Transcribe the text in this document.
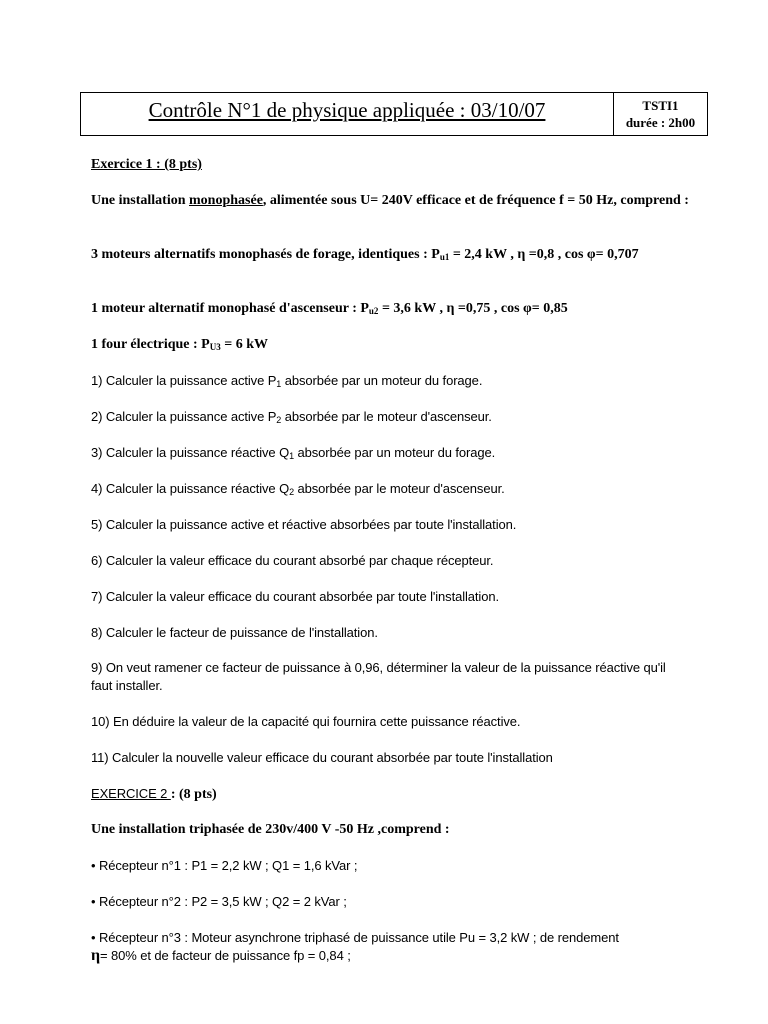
Contrôle N°1 de physique appliquée : 03/10/07	TSTI1
durée : 2h00
Exercice 1 : (8 pts)
Une installation monophasée, alimentée sous U= 240V efficace et de fréquence f = 50 Hz, comprend :
3 moteurs alternatifs monophasés de forage, identiques : $P_{u1} = 2,4$ kW , η =0,8 , cos φ= 0,707
1 moteur alternatif monophasé d'ascenseur : $P_{u2} = 3,6$ kW , η =0,75 , cos φ= 0,85
1 four électrique : $P_{U3} = 6$ kW
1) Calculer la puissance active $P_1$ absorbée par un moteur du forage.
2) Calculer la puissance active $P_2$ absorbée par le moteur d'ascenseur.
3) Calculer la puissance réactive $Q_1$ absorbée par un moteur du forage.
4) Calculer la puissance réactive $Q_2$ absorbée par le moteur d'ascenseur.
5) Calculer la puissance active et réactive absorbées par toute l'installation.
6) Calculer la valeur efficace du courant absorbé par chaque récepteur.
7) Calculer la valeur efficace du courant absorbée par toute l'installation.
8) Calculer le facteur de puissance de l'installation.
9) On veut ramener ce facteur de puissance à 0,96, déterminer la valeur de la puissance réactive qu'il faut installer.
10) En déduire la valeur de la capacité qui fournira cette puissance réactive.
11) Calculer la nouvelle valeur efficace du courant absorbée par toute l'installation
EXERCICE 2 : (8 pts)
Une installation triphasée de 230v/400 V -50 Hz ,comprend :
• Récepteur n°1 : P1 = 2,2 kW ; Q1 = 1,6 kVar ;
• Récepteur n°2 : P2 = 3,5 kW ; Q2 = 2 kVar ;
• Récepteur n°3 : Moteur asynchrone triphasé de puissance utile Pu = 3,2 kW ; de rendement
η= 80% et de facteur de puissance fp = 0,84 ;
